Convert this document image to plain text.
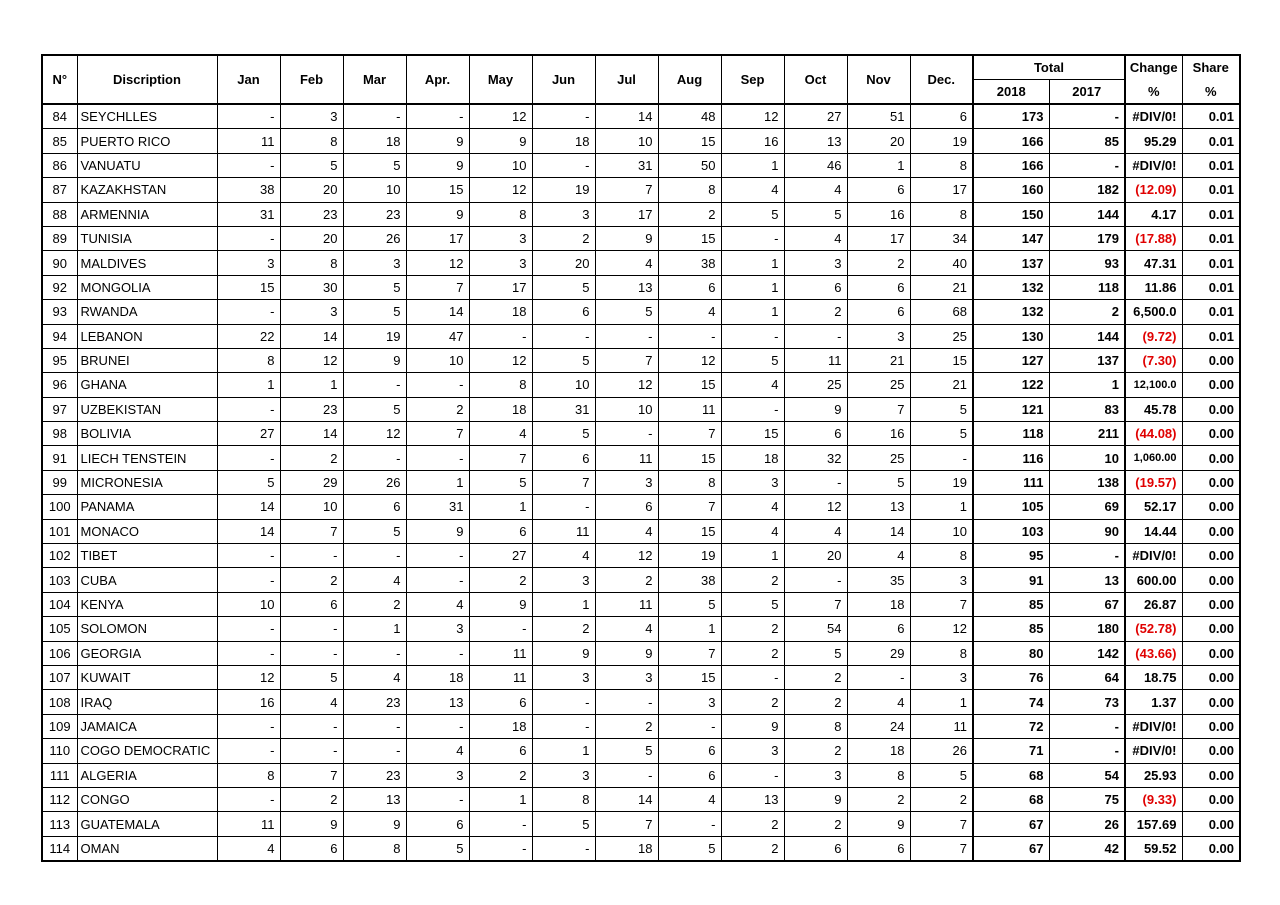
N°	Discription	Jan	Feb	Mar	Apr.	May	Jun	Jul	Aug	Sep	Oct	Nov	Dec.	Total		Change	Share
														2018	2017	%	%
84	SEYCHLLES	-	3	-	-	12	-	14	48	12	27	51	6	173	-	#DIV/0!	0.01
85	PUERTO RICO	11	8	18	9	9	18	10	15	16	13	20	19	166	85	95.29	0.01
86	VANUATU	-	5	5	9	10	-	31	50	1	46	1	8	166	-	#DIV/0!	0.01
87	KAZAKHSTAN	38	20	10	15	12	19	7	8	4	4	6	17	160	182	(12.09)	0.01
88	ARMENNIA	31	23	23	9	8	3	17	2	5	5	16	8	150	144	4.17	0.01
89	TUNISIA	-	20	26	17	3	2	9	15	-	4	17	34	147	179	(17.88)	0.01
90	MALDIVES	3	8	3	12	3	20	4	38	1	3	2	40	137	93	47.31	0.01
92	MONGOLIA	15	30	5	7	17	5	13	6	1	6	6	21	132	118	11.86	0.01
93	RWANDA	-	3	5	14	18	6	5	4	1	2	6	68	132	2	6,500.0	0.01
94	LEBANON	22	14	19	47	-	-	-	-	-	-	3	25	130	144	(9.72)	0.01
95	BRUNEI	8	12	9	10	12	5	7	12	5	11	21	15	127	137	(7.30)	0.00
96	GHANA	1	1	-	-	8	10	12	15	4	25	25	21	122	1	12,100.0	0.00
97	UZBEKISTAN	-	23	5	2	18	31	10	11	-	9	7	5	121	83	45.78	0.00
98	BOLIVIA	27	14	12	7	4	5	-	7	15	6	16	5	118	211	(44.08)	0.00
91	LIECH TENSTEIN	-	2	-	-	7	6	11	15	18	32	25	-	116	10	1,060.00	0.00
99	MICRONESIA	5	29	26	1	5	7	3	8	3	-	5	19	111	138	(19.57)	0.00
100	PANAMA	14	10	6	31	1	-	6	7	4	12	13	1	105	69	52.17	0.00
101	MONACO	14	7	5	9	6	11	4	15	4	4	14	10	103	90	14.44	0.00
102	TIBET	-	-	-	-	27	4	12	19	1	20	4	8	95	-	#DIV/0!	0.00
103	CUBA	-	2	4	-	2	3	2	38	2	-	35	3	91	13	600.00	0.00
104	KENYA	10	6	2	4	9	1	11	5	5	7	18	7	85	67	26.87	0.00
105	SOLOMON	-	-	1	3	-	2	4	1	2	54	6	12	85	180	(52.78)	0.00
106	GEORGIA	-	-	-	-	11	9	9	7	2	5	29	8	80	142	(43.66)	0.00
107	KUWAIT	12	5	4	18	11	3	3	15	-	2	-	3	76	64	18.75	0.00
108	IRAQ	16	4	23	13	6	-	-	3	2	2	4	1	74	73	1.37	0.00
109	JAMAICA	-	-	-	-	18	-	2	-	9	8	24	11	72	-	#DIV/0!	0.00
110	COGO DEMOCRATIC	-	-	-	4	6	1	5	6	3	2	18	26	71	-	#DIV/0!	0.00
111	ALGERIA	8	7	23	3	2	3	-	6	-	3	8	5	68	54	25.93	0.00
112	CONGO	-	2	13	-	1	8	14	4	13	9	2	2	68	75	(9.33)	0.00
113	GUATEMALA	11	9	9	6	-	5	7	-	2	2	9	7	67	26	157.69	0.00
114	OMAN	4	6	8	5	-	-	18	5	2	6	6	7	67	42	59.52	0.00
